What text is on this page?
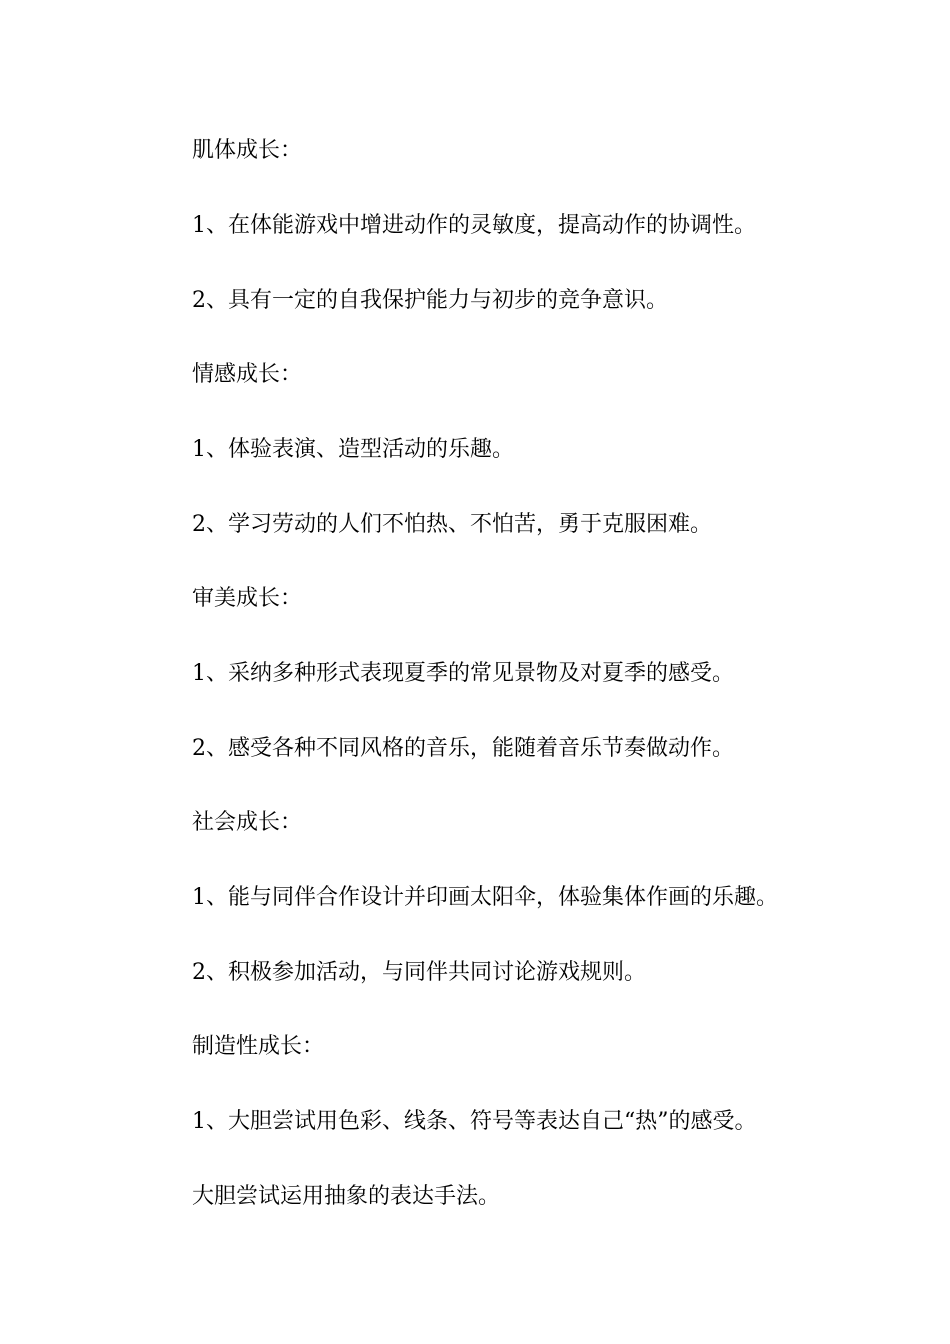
肌体成长：
1、在体能游戏中增进动作的灵敏度，提高动作的协调性。
2、具有一定的自我保护能力与初步的竞争意识。
情感成长：
1、体验表演、造型活动的乐趣。
2、学习劳动的人们不怕热、不怕苦，勇于克服困难。
审美成长：
1、采纳多种形式表现夏季的常见景物及对夏季的感受。
2、感受各种不同风格的音乐，能随着音乐节奏做动作。
社会成长：
1、能与同伴合作设计并印画太阳伞，体验集体作画的乐趣。
2、积极参加活动，与同伴共同讨论游戏规则。
制造性成长：
1、大胆尝试用色彩、线条、符号等表达自己“热”的感受。
大胆尝试运用抽象的表达手法。
